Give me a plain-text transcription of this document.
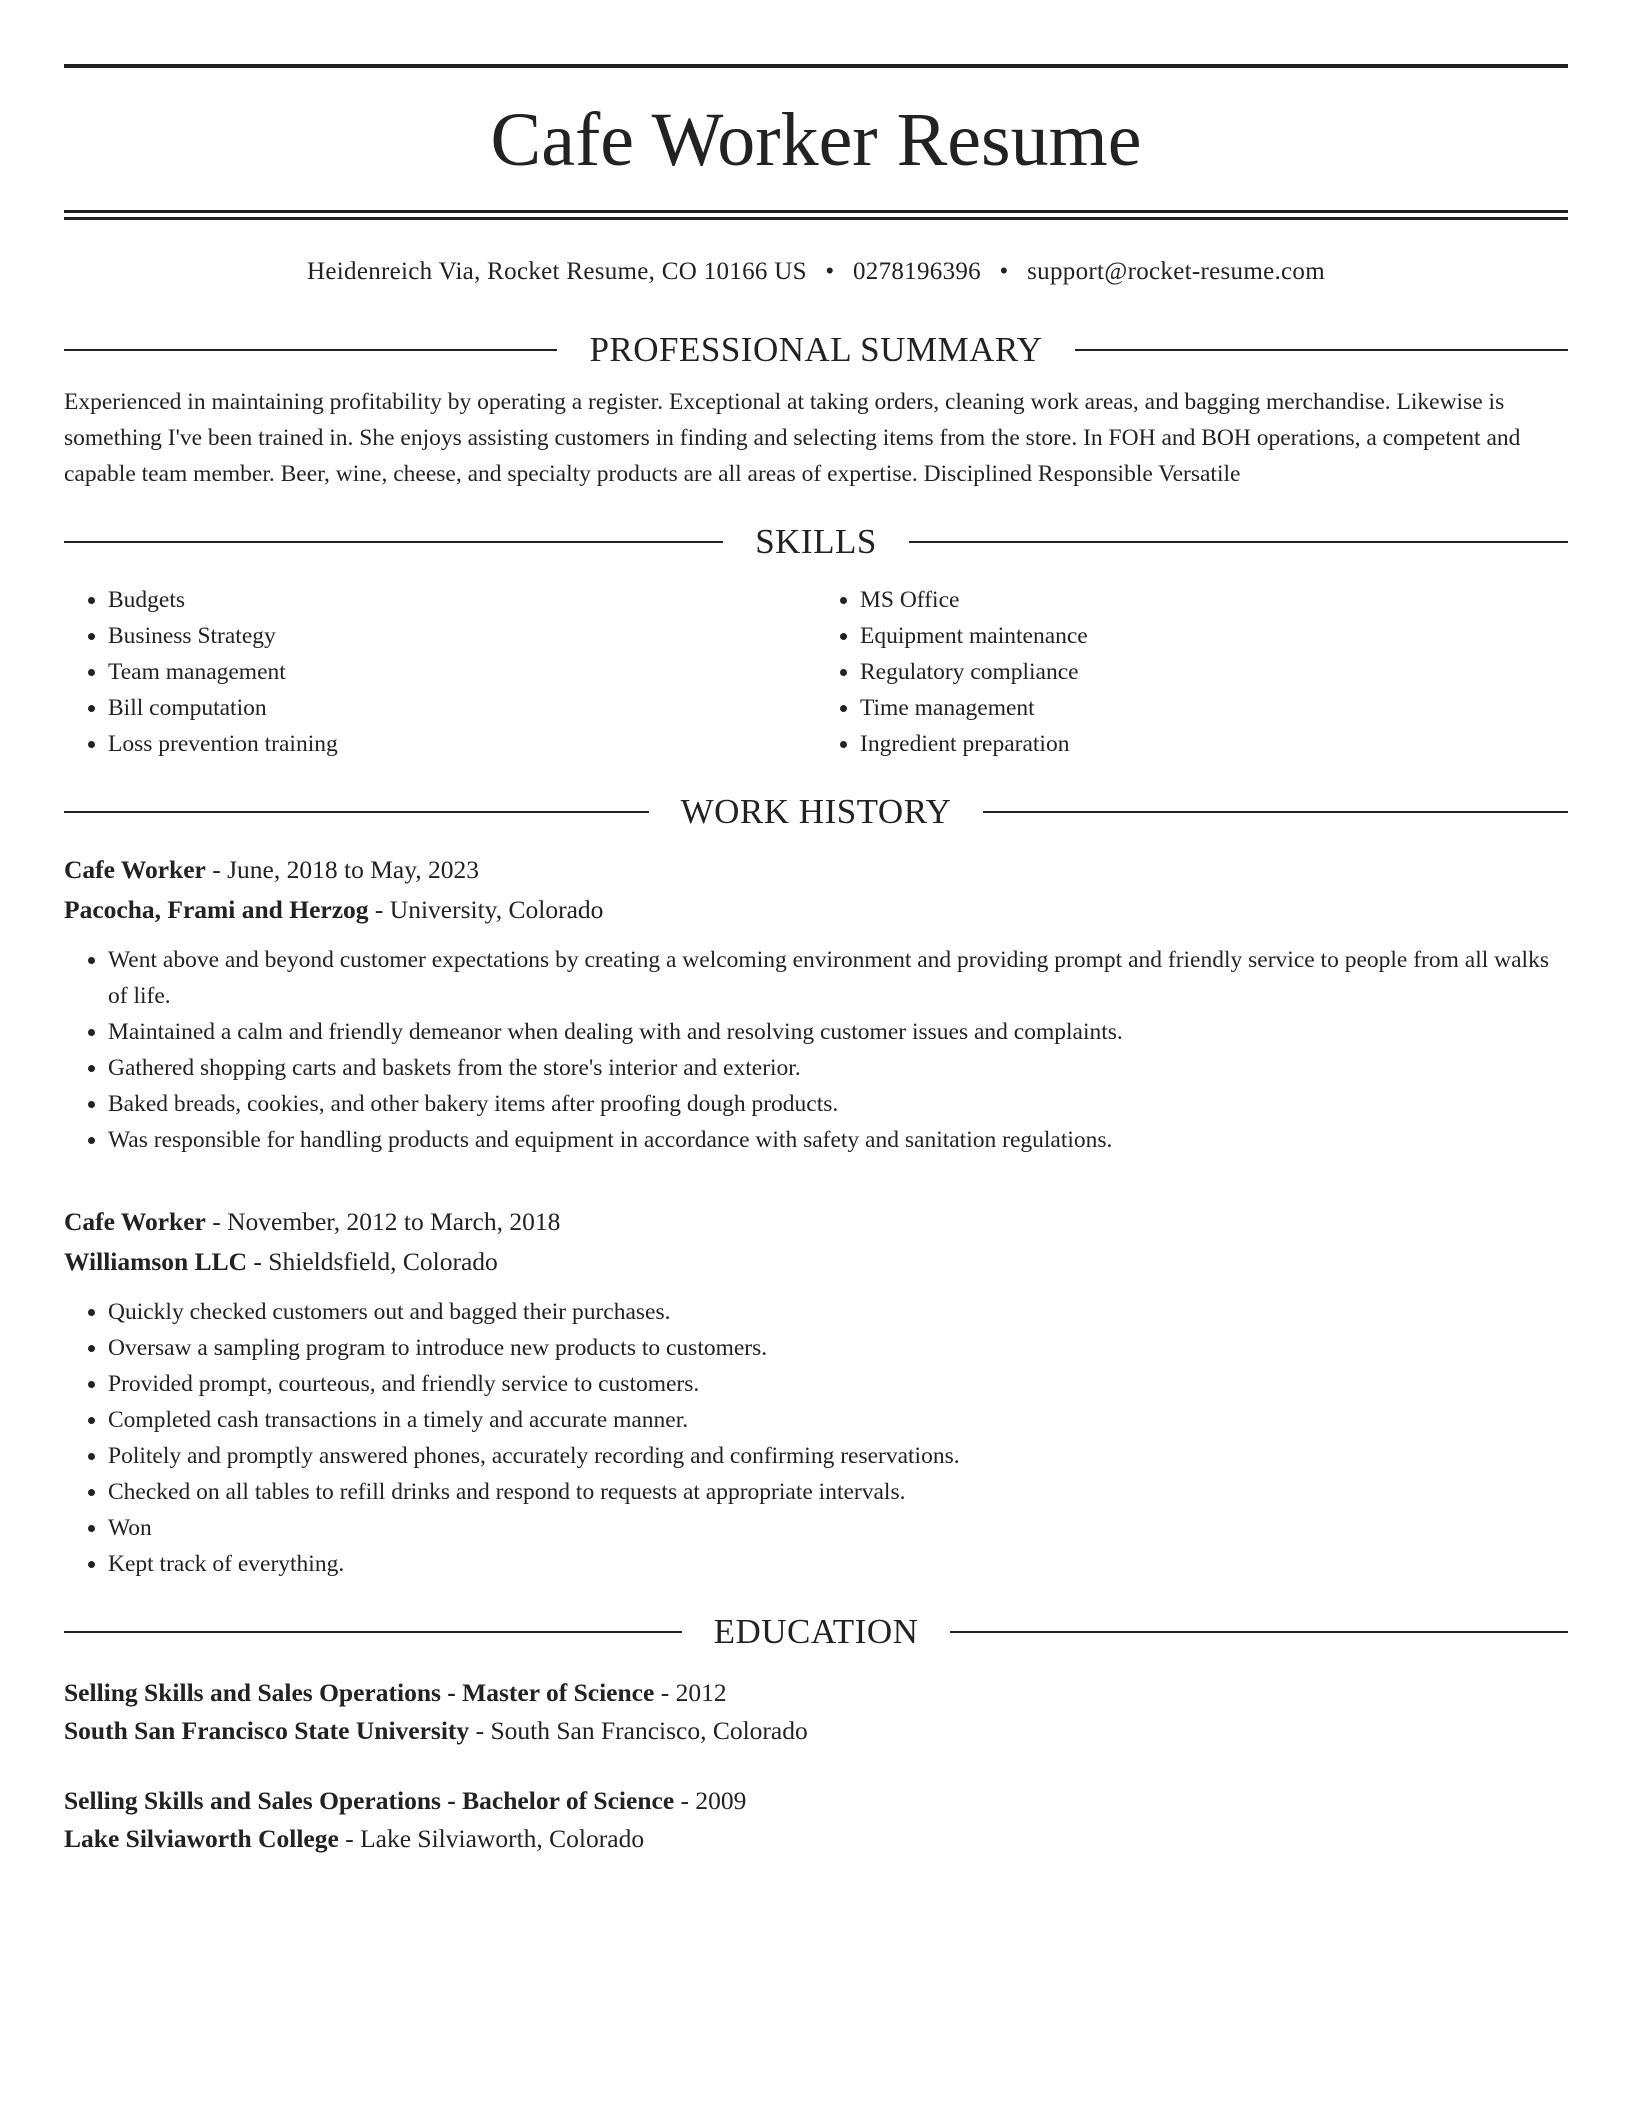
Cafe Worker Resume
Heidenreich Via, Rocket Resume, CO 10166 US • 0278196396 • support@rocket-resume.com
PROFESSIONAL SUMMARY

Experienced in maintaining profitability by operating a register. Exceptional at taking orders, cleaning work areas, and bagging merchandise. Likewise is something I've been trained in. She enjoys assisting customers in finding and selecting items from the store. In FOH and BOH operations, a competent and capable team member. Beer, wine, cheese, and specialty products are all areas of expertise. Disciplined Responsible Versatile

SKILLS
• Budgets
• Business Strategy
• Team management
• Bill computation
• Loss prevention training
• MS Office
• Equipment maintenance
• Regulatory compliance
• Time management
• Ingredient preparation
WORK HISTORY
Cafe Worker - June, 2018 to May, 2023
Pacocha, Frami and Herzog - University, Colorado
• Went above and beyond customer expectations by creating a welcoming environment and providing prompt and friendly service to people from all walks of life.
• Maintained a calm and friendly demeanor when dealing with and resolving customer issues and complaints.
• Gathered shopping carts and baskets from the store's interior and exterior.
• Baked breads, cookies, and other bakery items after proofing dough products.
• Was responsible for handling products and equipment in accordance with safety and sanitation regulations.
Cafe Worker - November, 2012 to March, 2018
Williamson LLC - Shieldsfield, Colorado
• Quickly checked customers out and bagged their purchases.
• Oversaw a sampling program to introduce new products to customers.
• Provided prompt, courteous, and friendly service to customers.
• Completed cash transactions in a timely and accurate manner.
• Politely and promptly answered phones, accurately recording and confirming reservations.
• Checked on all tables to refill drinks and respond to requests at appropriate intervals.
• Won
• Kept track of everything.
EDUCATION
Selling Skills and Sales Operations - Master of Science - 2012
South San Francisco State University - South San Francisco, Colorado
Selling Skills and Sales Operations - Bachelor of Science - 2009
Lake Silviaworth College - Lake Silviaworth, Colorado
